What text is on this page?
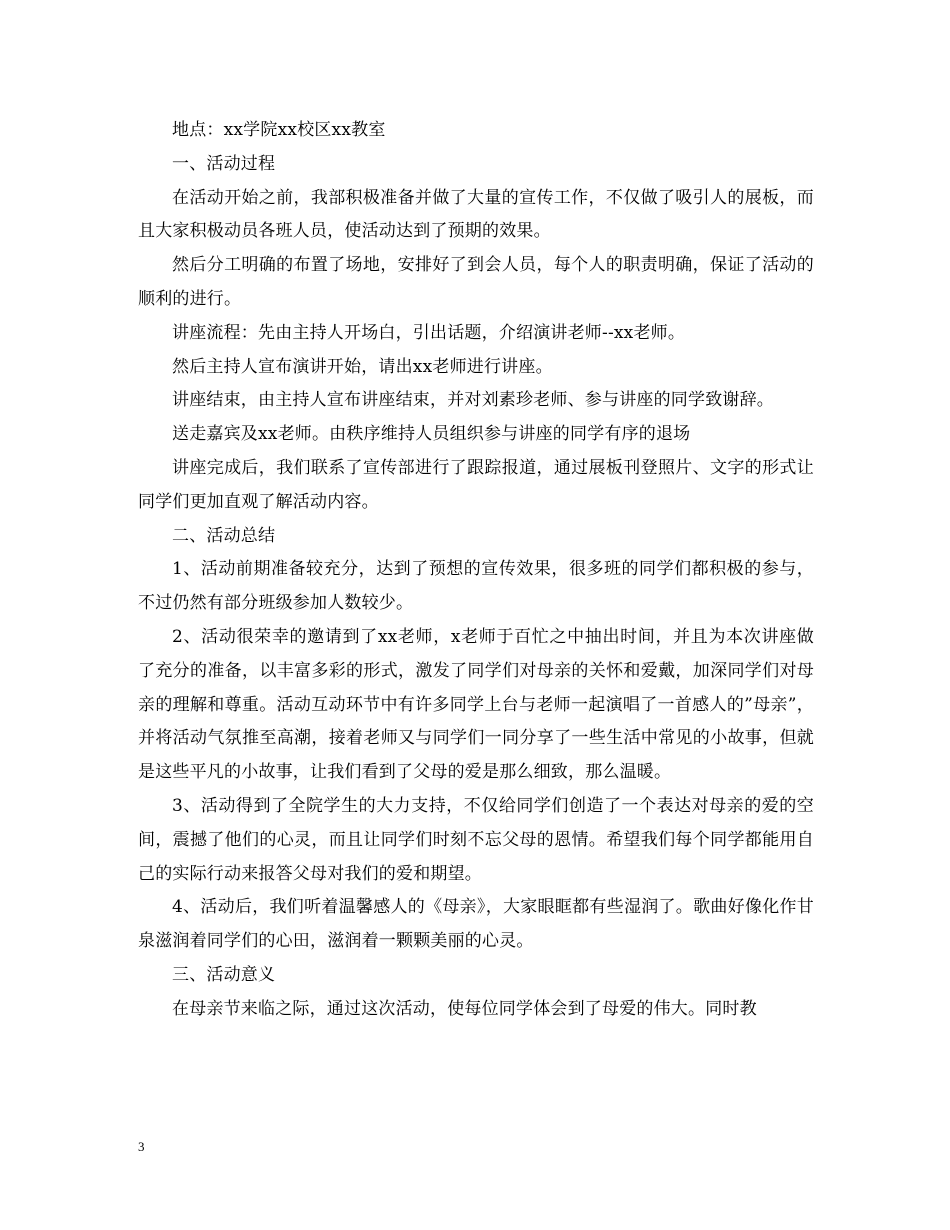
地点：xx学院xx校区xx教室

一、活动过程

在活动开始之前，我部积极准备并做了大量的宣传工作，不仅做了吸引人的展板，而且大家积极动员各班人员，使活动达到了预期的效果。

然后分工明确的布置了场地，安排好了到会人员，每个人的职责明确，保证了活动的顺利的进行。

讲座流程：先由主持人开场白，引出话题，介绍演讲老师--xx老师。

然后主持人宣布演讲开始，请出xx老师进行讲座。

讲座结束，由主持人宣布讲座结束，并对刘素珍老师、参与讲座的同学致谢辞。

送走嘉宾及xx老师。由秩序维持人员组织参与讲座的同学有序的退场

讲座完成后，我们联系了宣传部进行了跟踪报道，通过展板刊登照片、文字的形式让同学们更加直观了解活动内容。

二、活动总结

1、活动前期准备较充分，达到了预想的宣传效果，很多班的同学们都积极的参与，不过仍然有部分班级参加人数较少。

2、活动很荣幸的邀请到了xx老师，x老师于百忙之中抽出时间，并且为本次讲座做了充分的准备，以丰富多彩的形式，激发了同学们对母亲的关怀和爱戴，加深同学们对母亲的理解和尊重。活动互动环节中有许多同学上台与老师一起演唱了一首感人的”母亲”，并将活动气氛推至高潮，接着老师又与同学们一同分享了一些生活中常见的小故事，但就是这些平凡的小故事，让我们看到了父母的爱是那么细致，那么温暖。

3、活动得到了全院学生的大力支持，不仅给同学们创造了一个表达对母亲的爱的空间，震撼了他们的心灵，而且让同学们时刻不忘父母的恩情。希望我们每个同学都能用自己的实际行动来报答父母对我们的爱和期望。

4、活动后，我们听着温馨感人的《母亲》，大家眼眶都有些湿润了。歌曲好像化作甘泉滋润着同学们的心田，滋润着一颗颗美丽的心灵。

三、活动意义

在母亲节来临之际，通过这次活动，使每位同学体会到了母爱的伟大。同时教

3
